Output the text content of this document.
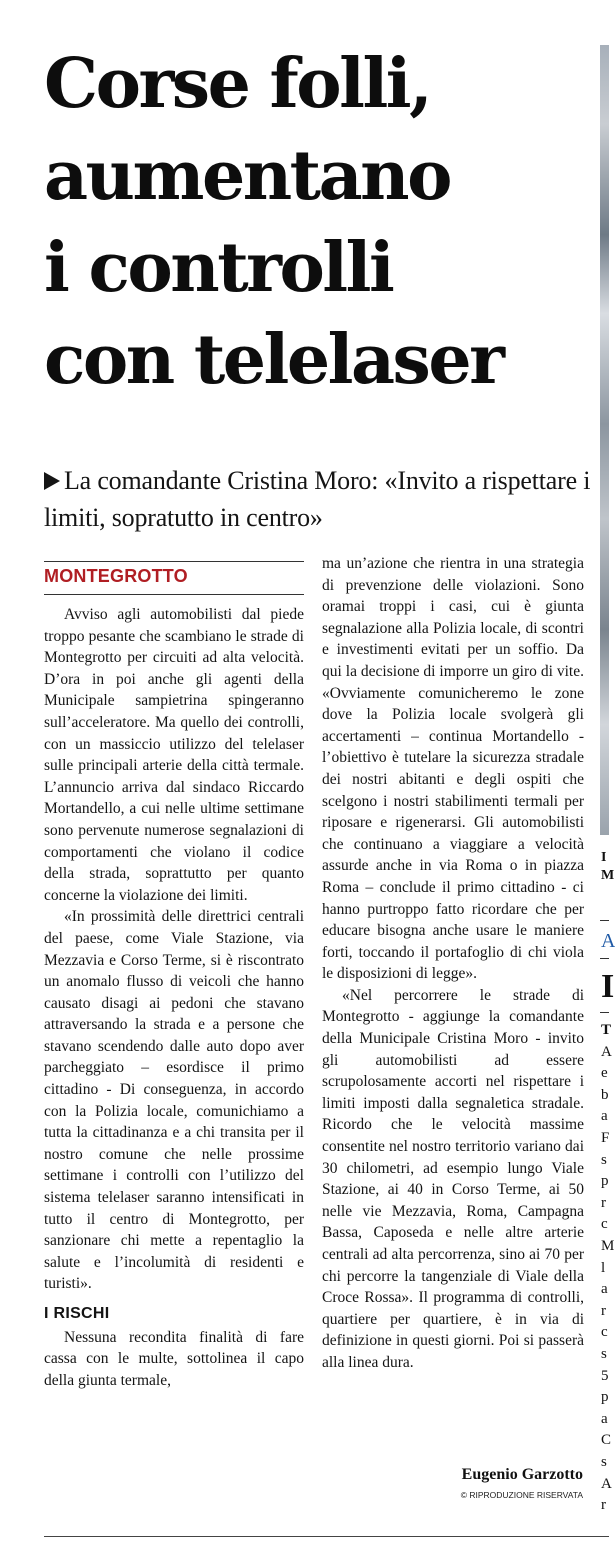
Corse folli,
aumentano
i controlli
con telelaser
La comandante Cristina Moro: «Invito a rispettare i limiti, sopratutto in centro»
MONTEGROTTO

Avviso agli automobilisti dal piede troppo pesante che scambiano le strade di Montegrotto per circuiti ad alta velocità. D’ora in poi anche gli agenti della Municipale sampietrina spingeranno sull’acceleratore. Ma quello dei controlli, con un massiccio utilizzo del telelaser sulle principali arterie della città termale. L’annuncio arriva dal sindaco Riccardo Mortandello, a cui nelle ultime settimane sono pervenute numerose segnalazioni di comportamenti che violano il codice della strada, soprattutto per quanto concerne la violazione dei limiti.

«In prossimità delle direttrici centrali del paese, come Viale Stazione, via Mezzavia e Corso Terme, si è riscontrato un anomalo flusso di veicoli che hanno causato disagi ai pedoni che stavano attraversando la strada e a persone che stavano scendendo dalle auto dopo aver parcheggiato – esordisce il primo cittadino - Di conseguenza, in accordo con la Polizia locale, comunichiamo a tutta la cittadinanza e a chi transita per il nostro comune che nelle prossime settimane i controlli con l’utilizzo del sistema telelaser saranno intensificati in tutto il centro di Montegrotto, per sanzionare chi mette a repentaglio la salute e l’incolumità di residenti e turisti».

I RISCHI

Nessuna recondita finalità di fare cassa con le multe, sottolinea il capo della giunta termale,

ma un’azione che rientra in una strategia di prevenzione delle violazioni. Sono oramai troppi i casi, cui è giunta segnalazione alla Polizia locale, di scontri e investimenti evitati per un soffio. Da qui la decisione di imporre un giro di vite. «Ovviamente comunicheremo le zone dove la Polizia locale svolgerà gli accertamenti – continua Mortandello - l’obiettivo è tutelare la sicurezza stradale dei nostri abitanti e degli ospiti che scelgono i nostri stabilimenti termali per riposare e rigenerarsi. Gli automobilisti che continuano a viaggiare a velocità assurde anche in via Roma o in piazza Roma – conclude il primo cittadino - ci hanno purtroppo fatto ricordare che per educare bisogna anche usare le maniere forti, toccando il portafoglio di chi viola le disposizioni di legge».

«Nel percorrere le strade di Montegrotto - aggiunge la comandante della Municipale Cristina Moro - invito gli automobilisti ad essere scrupolosamente accorti nel rispettare i limiti imposti dalla segnaletica stradale. Ricordo che le velocità massime consentite nel nostro territorio variano dai 30 chilometri, ad esempio lungo Viale Stazione, ai 40 in Corso Terme, ai 50 nelle vie Mezzavia, Roma, Campagna Bassa, Caposeda e nelle altre arterie centrali ad alta percorrenza, sino ai 70 per chi percorre la tangenziale di Viale della Croce Rossa». Il programma di controlli, quartiere per quartiere, è in via di definizione in questi giorni. Poi si passerà alla linea dura.

Eugenio Garzotto
© RIPRODUZIONE RISERVATA
I
M
A
I
T
A
e
b
a
F
s
p
r
c
M
l
a
r
c
s
5
p
a
C
s
A
r
